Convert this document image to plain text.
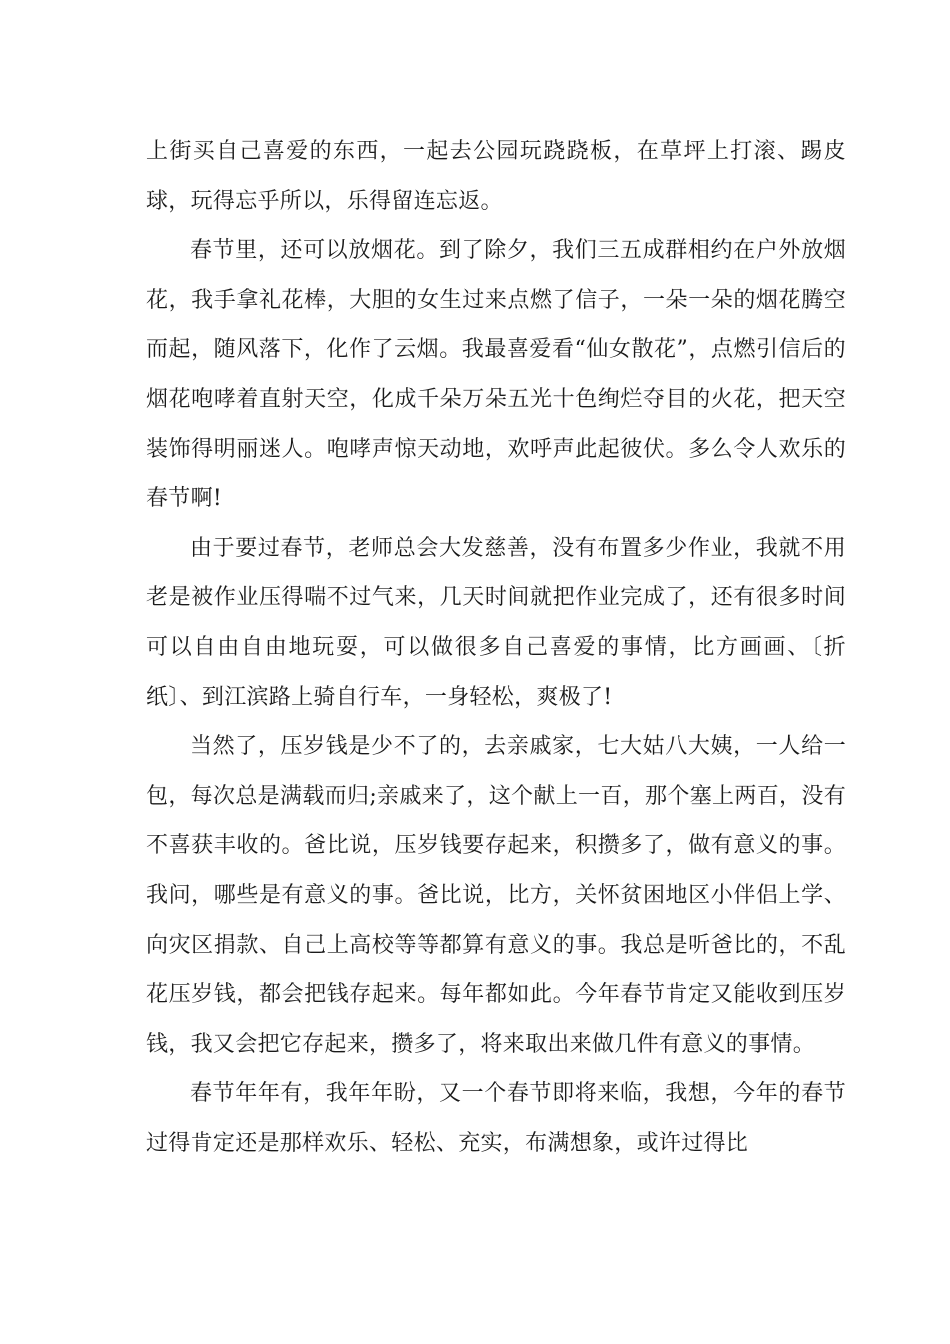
上街买自己喜爱的东西，一起去公园玩跷跷板，在草坪上打滚、踢皮球，玩得忘乎所以，乐得留连忘返。

春节里，还可以放烟花。到了除夕，我们三五成群相约在户外放烟花，我手拿礼花棒，大胆的女生过来点燃了信子，一朵一朵的烟花腾空而起，随风落下，化作了云烟。我最喜爱看“仙女散花”，点燃引信后的烟花咆哮着直射天空，化成千朵万朵五光十色绚烂夺目的火花，把天空装饰得明丽迷人。咆哮声惊天动地，欢呼声此起彼伏。多么令人欢乐的春节啊!

由于要过春节，老师总会大发慈善，没有布置多少作业，我就不用老是被作业压得喘不过气来，几天时间就把作业完成了，还有很多时间可以自由自由地玩耍，可以做很多自己喜爱的事情，比方画画、〔折纸〕、到江滨路上骑自行车，一身轻松，爽极了!

当然了，压岁钱是少不了的，去亲戚家，七大姑八大姨，一人给一包，每次总是满载而归;亲戚来了，这个献上一百，那个塞上两百，没有不喜获丰收的。爸比说，压岁钱要存起来，积攒多了，做有意义的事。我问，哪些是有意义的事。爸比说，比方，关怀贫困地区小伴侣上学、向灾区捐款、自己上高校等等都算有意义的事。我总是听爸比的，不乱花压岁钱，都会把钱存起来。每年都如此。今年春节肯定又能收到压岁钱，我又会把它存起来，攒多了，将来取出来做几件有意义的事情。

春节年年有，我年年盼，又一个春节即将来临，我想，今年的春节过得肯定还是那样欢乐、轻松、充实，布满想象，或许过得比
